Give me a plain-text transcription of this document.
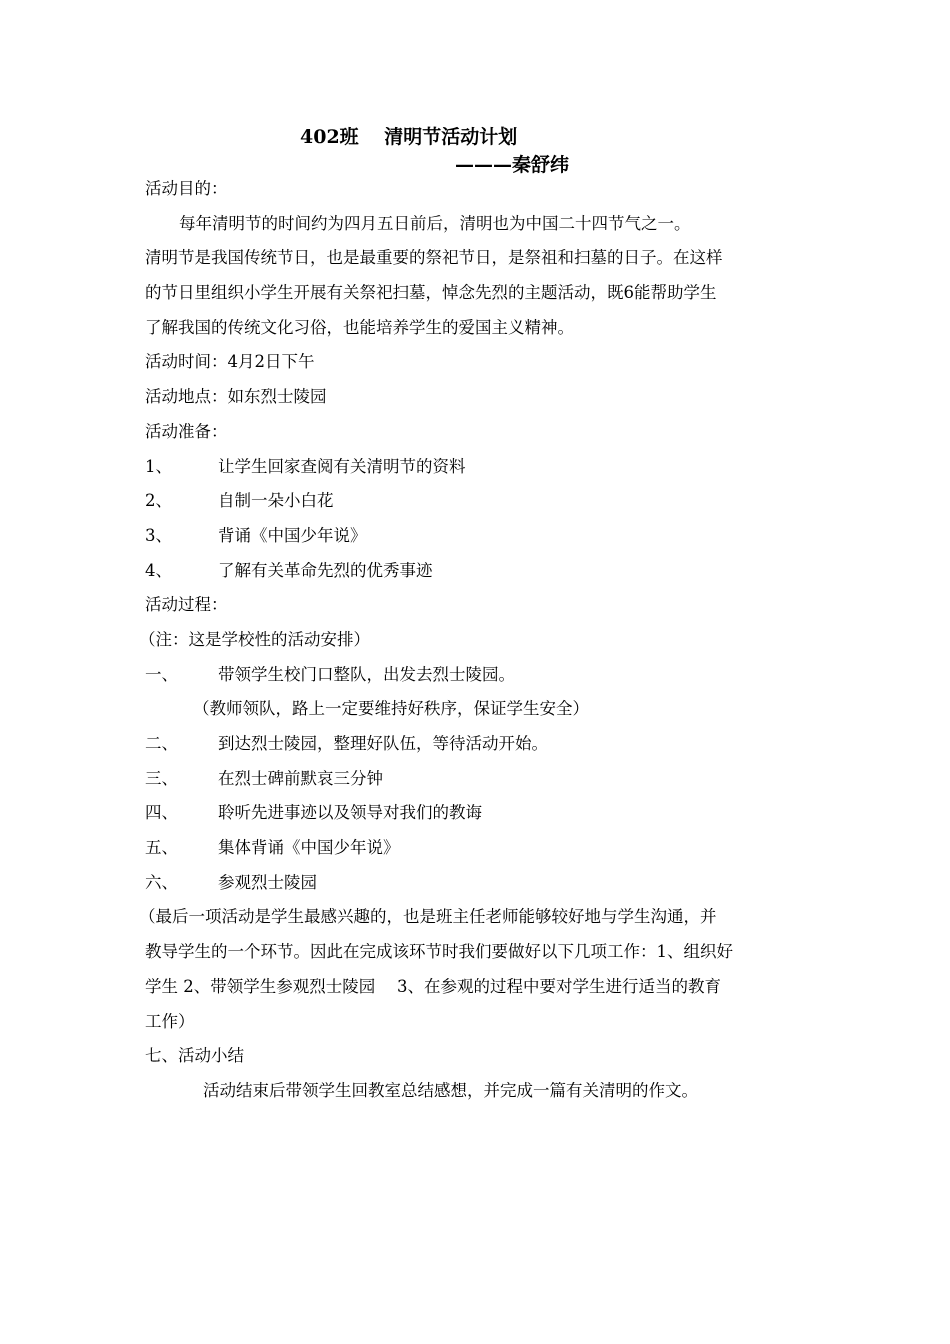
402班　 清明节活动计划
———秦舒纬
活动目的：
每年清明节的时间约为四月五日前后，清明也为中国二十四节气之一。
清明节是我国传统节日，也是最重要的祭祀节日，是祭祖和扫墓的日子。在这样
的节日里组织小学生开展有关祭祀扫墓，悼念先烈的主题活动，既6能帮助学生
了解我国的传统文化习俗，也能培养学生的爱国主义精神。
活动时间：4月2日下午
活动地点：如东烈士陵园
活动准备：
1、	让学生回家查阅有关清明节的资料
2、	自制一朵小白花
3、	背诵《中国少年说》
4、	了解有关革命先烈的优秀事迹
活动过程：
（注：这是学校性的活动安排）
一、	带领学生校门口整队，出发去烈士陵园。
（教师领队，路上一定要维持好秩序，保证学生安全）
二、	到达烈士陵园，整理好队伍，等待活动开始。
三、	在烈士碑前默哀三分钟
四、	聆听先进事迹以及领导对我们的教诲
五、	集体背诵《中国少年说》
六、	参观烈士陵园
（最后一项活动是学生最感兴趣的，也是班主任老师能够较好地与学生沟通，并
教导学生的一个环节。因此在完成该环节时我们要做好以下几项工作：1、组织好
学生 2、带领学生参观烈士陵园　 3、在参观的过程中要对学生进行适当的教育
工作）
七、活动小结
活动结束后带领学生回教室总结感想，并完成一篇有关清明的作文。
